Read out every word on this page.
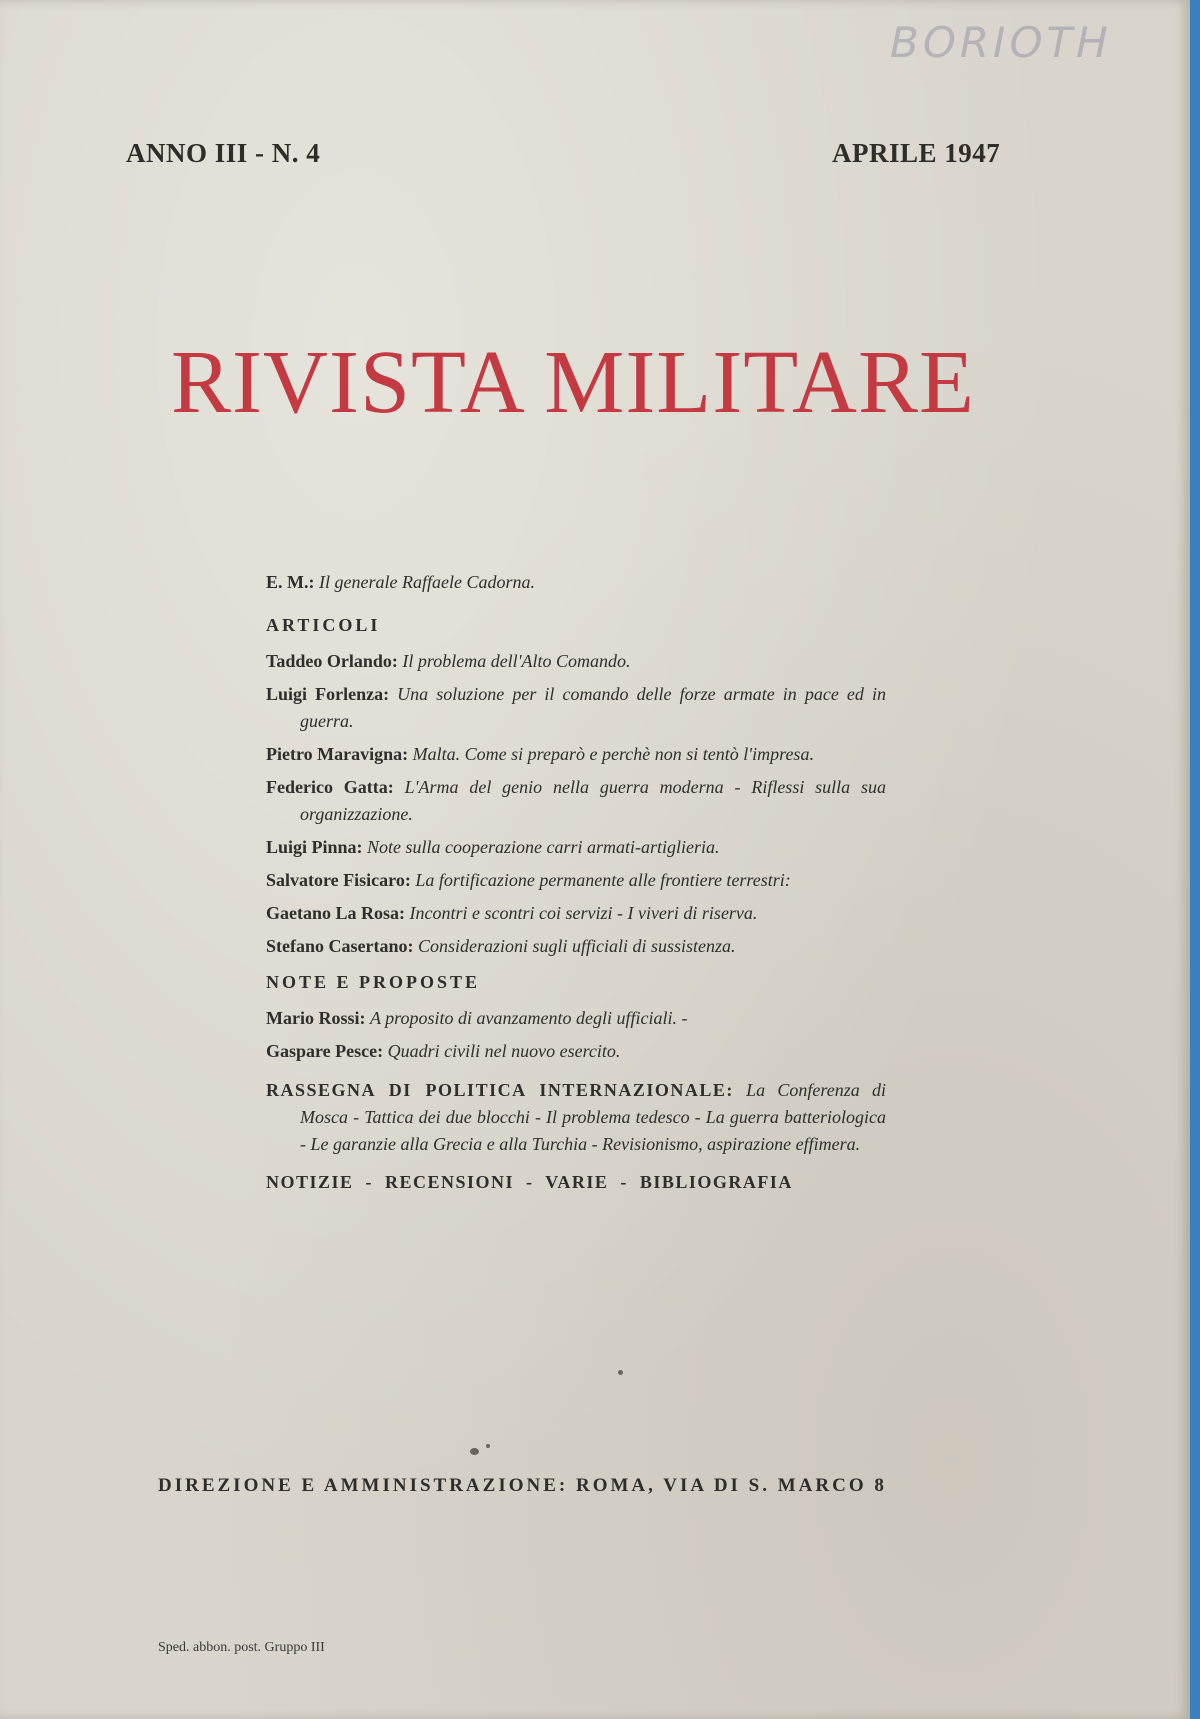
BORIOTH
ANNO III - N. 4	APRILE 1947
RIVISTA MILITARE

E. M.: Il generale Raffaele Cadorna.

ARTICOLI
Taddeo Orlando: Il problema dell'Alto Comando.
Luigi Forlenza: Una soluzione per il comando delle forze armate in pace ed in guerra.
Pietro Maravigna: Malta. Come si preparò e perchè non si tentò l'impresa.
Federico Gatta: L'Arma del genio nella guerra moderna - Riflessi sulla sua organizzazione.
Luigi Pinna: Note sulla cooperazione carri armati-artiglieria.
Salvatore Fisicaro: La fortificazione permanente alle frontiere terrestri:
Gaetano La Rosa: Incontri e scontri coi servizi - I viveri di riserva.
Stefano Casertano: Considerazioni sugli ufficiali di sussistenza.
NOTE E PROPOSTE
Mario Rossi: A proposito di avanzamento degli ufficiali. -
Gaspare Pesce: Quadri civili nel nuovo esercito.
RASSEGNA DI POLITICA INTERNAZIONALE: La Conferenza di Mosca - Tattica dei due blocchi - Il problema tedesco - La guerra batteriologica - Le garanzie alla Grecia e alla Turchia - Revisionismo, aspirazione effimera.
NOTIZIE - RECENSIONI - VARIE - BIBLIOGRAFIA
DIREZIONE E AMMINISTRAZIONE: ROMA, VIA DI S. MARCO 8
Sped. abbon. post. Gruppo III
